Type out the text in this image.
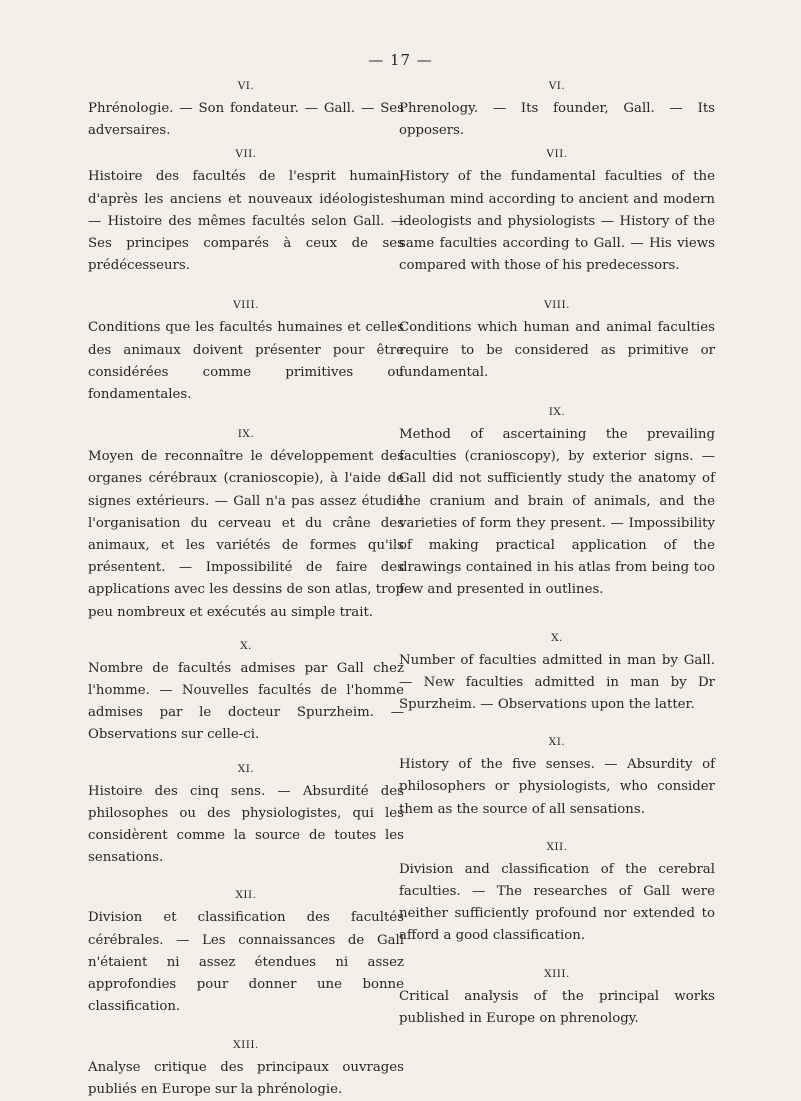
— 17 —
VI.

Phrénologie. — Son fondateur. — Gall. — Ses adversaires.

VII.

Histoire des facultés de l'esprit humain, d'après les anciens et nouveaux idéologistes. — Histoire des mêmes facultés selon Gall. — Ses principes comparés à ceux de ses prédécesseurs.

VIII.

Conditions que les facultés humaines et celles des animaux doivent présenter pour être considérées comme primitives ou fondamentales.

IX.

Moyen de reconnaître le développement des organes cérébraux (cranioscopie), à l'aide de signes extérieurs. — Gall n'a pas assez étudié l'organisation du cerveau et du crâne des animaux, et les variétés de formes qu'ils présentent. — Impossibilité de faire des applications avec les dessins de son atlas, trop peu nombreux et exécutés au simple trait.

X.

Nombre de facultés admises par Gall chez l'homme. — Nouvelles facultés de l'homme admises par le docteur Spurzheim. — Observations sur celle-ci.

XI.

Histoire des cinq sens. — Absurdité des philosophes ou des physiologistes, qui les considèrent comme la source de toutes les sensations.

XII.

Division et classification des facultés cérébrales. — Les connaissances de Gall n'étaient ni assez étendues ni assez approfondies pour donner une bonne classification.

XIII.

Analyse critique des principaux ouvrages publiés en Europe sur la phrénologie.

VI.

Phrenology. — Its founder, Gall. — Its opposers.

VII.

History of the fundamental faculties of the human mind according to ancient and modern ideologists and physiologists — History of the same faculties according to Gall. — His views compared with those of his predecessors.

VIII.

Conditions which human and animal faculties require to be considered as primitive or fundamental.

IX.

Method of ascertaining the prevailing faculties (cranioscopy), by exterior signs. — Gall did not sufficiently study the anatomy of the cranium and brain of animals, and the varieties of form they present. — Impossibility of making practical application of the drawings contained in his atlas from being too few and presented in outlines.

X.

Number of faculties admitted in man by Gall. — New faculties admitted in man by Dr Spurzheim. — Observations upon the latter.

XI.

History of the five senses. — Absurdity of philosophers or physiologists, who consider them as the source of all sensations.

XII.

Division and classification of the cerebral faculties. — The researches of Gall were neither sufficiently profound nor extended to afford a good classification.

XIII.

Critical analysis of the principal works published in Europe on phrenology.
